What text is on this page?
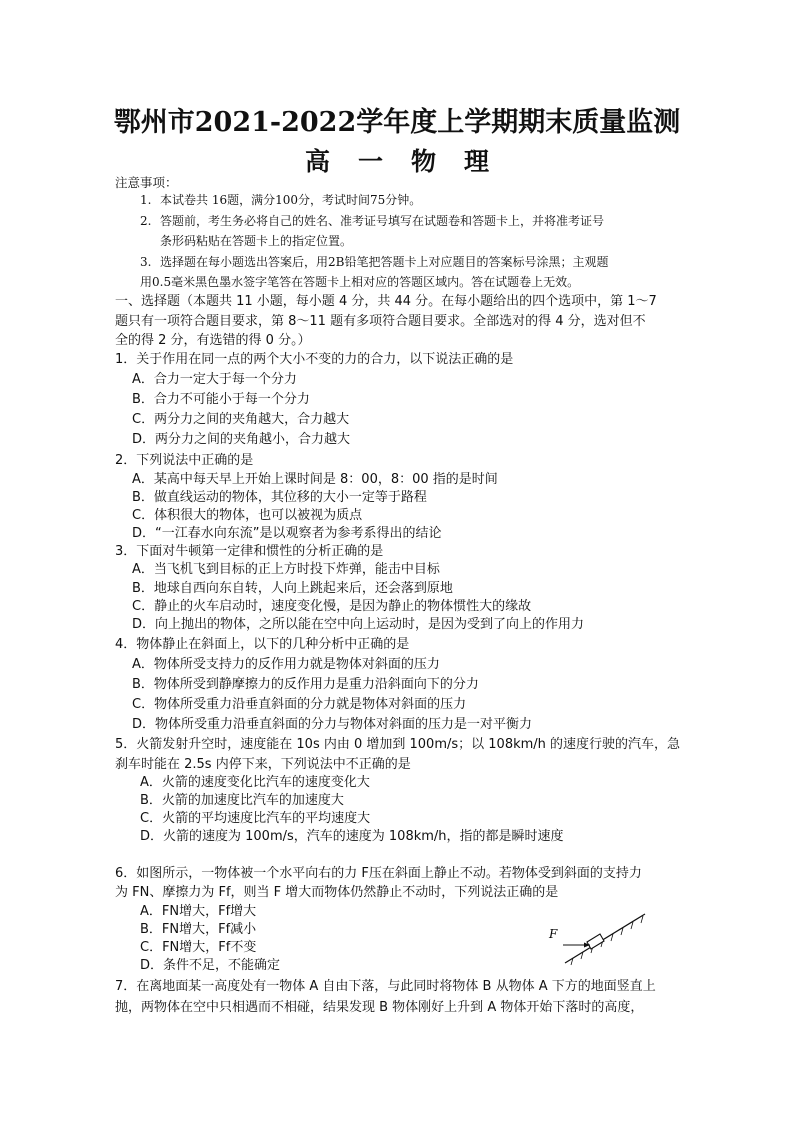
鄂州市2021-2022学年度上学期期末质量监测
高 一 物 理
注意事项：
1. 本试卷共 16题，满分100分，考试时间75分钟。
2. 答题前，考生务必将自己的姓名、准考证号填写在试题卷和答题卡上，并将准考证号
条形码粘贴在答题卡上的指定位置。
3. 选择题在每小题选出答案后，用2B铅笔把答题卡上对应题目的答案标号涂黑；主观题
用0.5毫米黑色墨水签字笔答在答题卡上相对应的答题区域内。答在试题卷上无效。
一、选择题（本题共 11 小题，每小题 4 分，共 44 分。在每小题给出的四个选项中，第 1～7
题只有一项符合题目要求，第 8～11 题有多项符合题目要求。全部选对的得 4 分，选对但不
全的得 2 分，有选错的得 0 分。）
1．关于作用在同一点的两个大小不变的力的合力，以下说法正确的是
A．合力一定大于每一个分力
B．合力不可能小于每一个分力
C．两分力之间的夹角越大，合力越大
D．两分力之间的夹角越小，合力越大
2．下列说法中正确的是
A．某高中每天早上开始上课时间是 8：00，8：00 指的是时间
B．做直线运动的物体，其位移的大小一定等于路程
C．体积很大的物体，也可以被视为质点
D．“一江春水向东流”是以观察者为参考系得出的结论
3．下面对牛顿第一定律和惯性的分析正确的是
A．当飞机飞到目标的正上方时投下炸弹，能击中目标
B．地球自西向东自转，人向上跳起来后，还会落到原地
C．静止的火车启动时，速度变化慢，是因为静止的物体惯性大的缘故
D．向上抛出的物体，之所以能在空中向上运动时，是因为受到了向上的作用力
4．物体静止在斜面上，以下的几种分析中正确的是
A．物体所受支持力的反作用力就是物体对斜面的压力
B．物体所受到静摩擦力的反作用力是重力沿斜面向下的分力
C．物体所受重力沿垂直斜面的分力就是物体对斜面的压力
D．物体所受重力沿垂直斜面的分力与物体对斜面的压力是一对平衡力
5．火箭发射升空时，速度能在 10s 内由 0 增加到 100m/s；以 108km/h 的速度行驶的汽车，急
刹车时能在 2.5s 内停下来，下列说法中不正确的是
A．火箭的速度变化比汽车的速度变化大
B．火箭的加速度比汽车的加速度大
C．火箭的平均速度比汽车的平均速度大
D．火箭的速度为 100m/s，汽车的速度为 108km/h，指的都是瞬时速度
6．如图所示，一物体被一个水平向右的力 F压在斜面上静止不动。若物体受到斜面的支持力
为 FN、摩擦力为 Ff，则当 F 增大而物体仍然静止不动时，下列说法正确的是
A．FN增大，Ff增大
B．FN增大，Ff减小
C．FN增大，Ff不变
D．条件不足，不能确定
F
7．在离地面某一高度处有一物体 A 自由下落，与此同时将物体 B 从物体 A 下方的地面竖直上
抛，两物体在空中只相遇而不相碰，结果发现 B 物体刚好上升到 A 物体开始下落时的高度，
